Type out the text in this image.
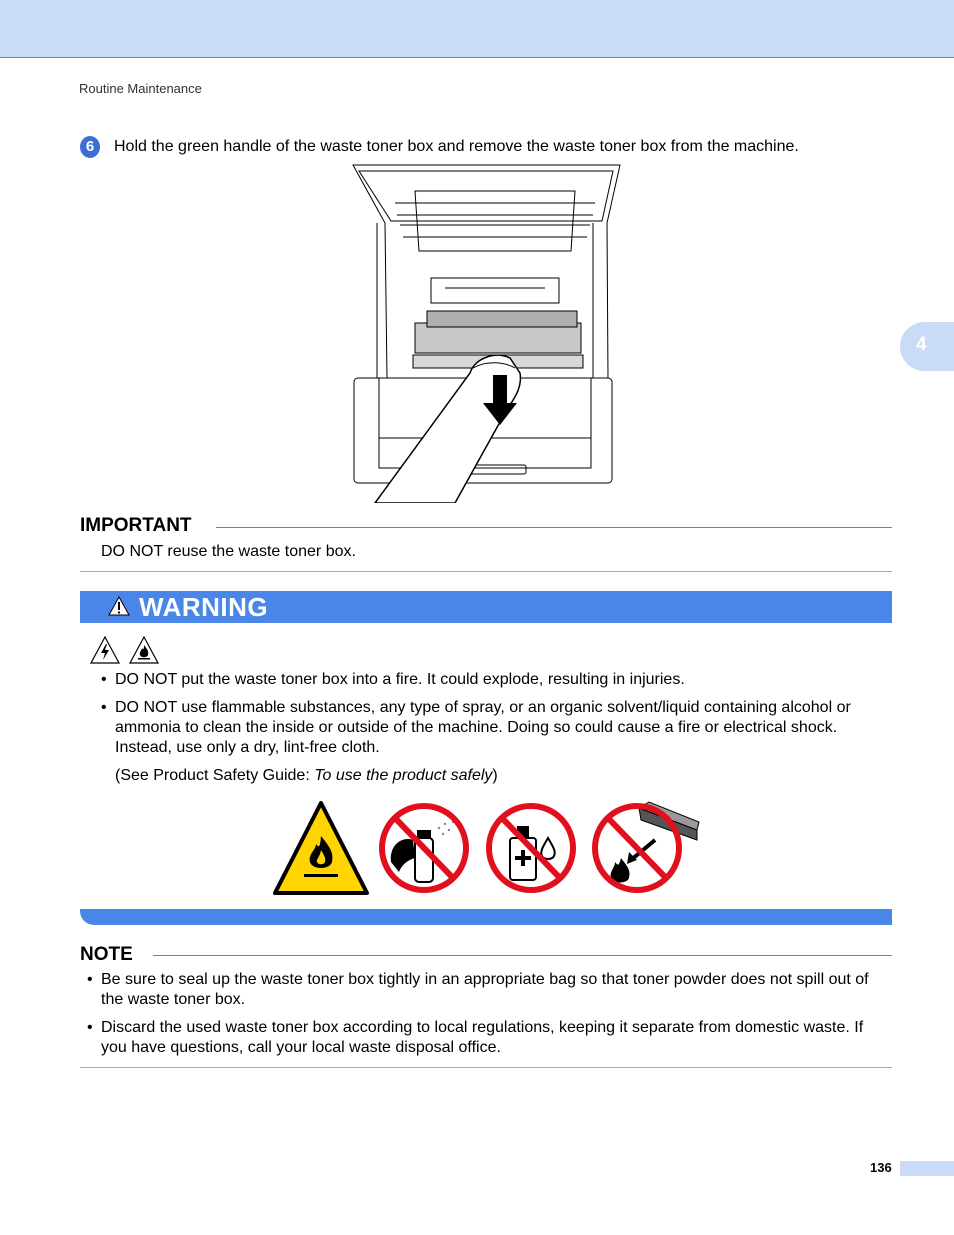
Routine Maintenance
4
6	Hold the green handle of the waste toner box and remove the waste toner box from the machine.
IMPORTANT
DO NOT reuse the waste toner box.
WARNING
• DO NOT put the waste toner box into a fire. It could explode, resulting in injuries.
• DO NOT use flammable substances, any type of spray, or an organic solvent/liquid containing alcohol or ammonia to clean the inside or outside of the machine. Doing so could cause a fire or electrical shock. Instead, use only a dry, lint-free cloth.
(See Product Safety Guide: To use the product safely)
NOTE
• Be sure to seal up the waste toner box tightly in an appropriate bag so that toner powder does not spill out of the waste toner box.
• Discard the used waste toner box according to local regulations, keeping it separate from domestic waste. If you have questions, call your local waste disposal office.
136
